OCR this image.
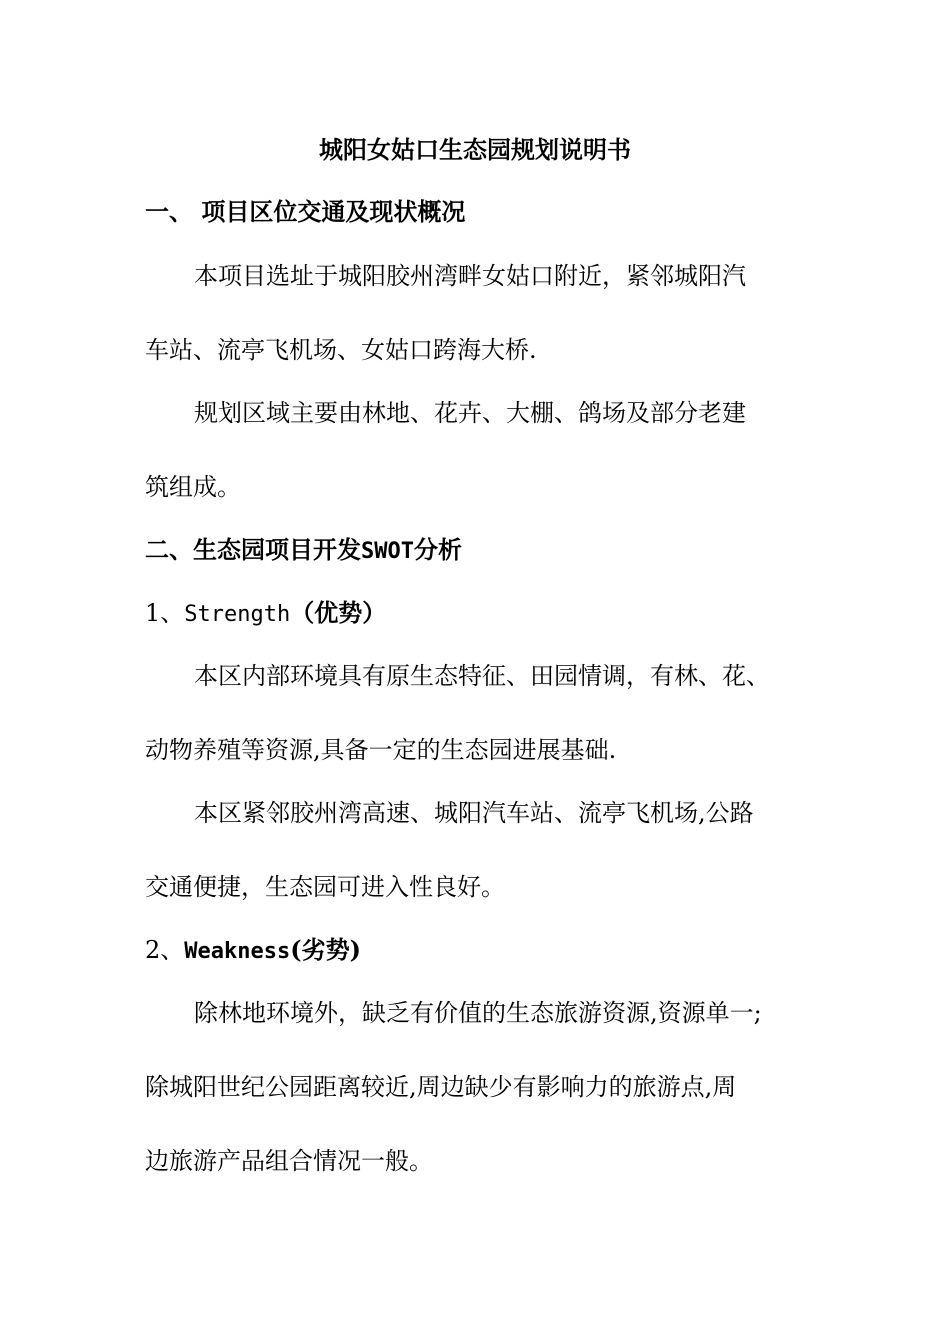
城阳女姑口生态园规划说明书
一、 项目区位交通及现状概况
本项目选址于城阳胶州湾畔女姑口附近，紧邻城阳汽
车站、流亭飞机场、女姑口跨海大桥.
规划区域主要由林地、花卉、大棚、鸽场及部分老建
筑组成。
二、生态园项目开发SWOT分析
1、Strength（优势）
本区内部环境具有原生态特征、田园情调，有林、花、
动物养殖等资源,具备一定的生态园进展基础.
本区紧邻胶州湾高速、城阳汽车站、流亭飞机场,公路
交通便捷，生态园可进入性良好。
2、Weakness(劣势)
除林地环境外，缺乏有价值的生态旅游资源,资源单一;
除城阳世纪公园距离较近,周边缺少有影响力的旅游点,周
边旅游产品组合情况一般。
